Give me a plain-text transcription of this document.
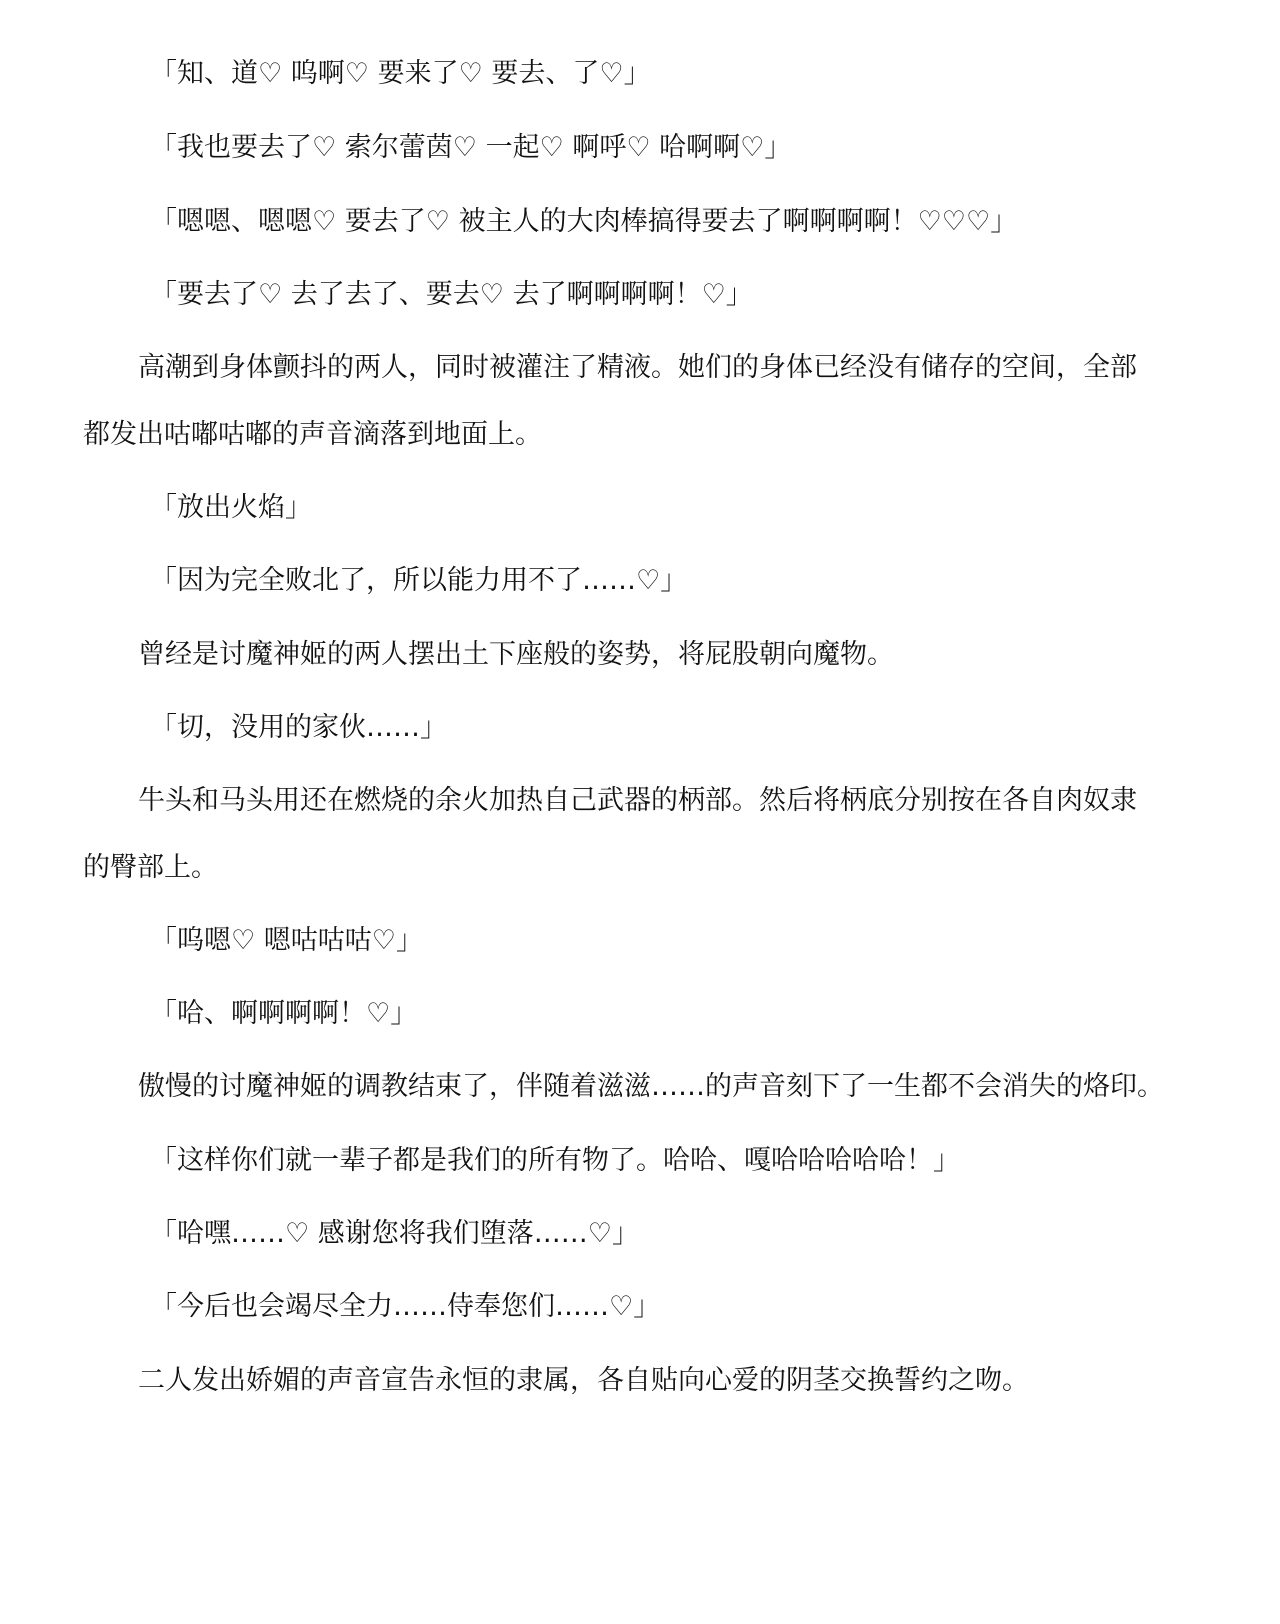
「知、道♡ 呜啊♡ 要来了♡ 要去、了♡」
「我也要去了♡ 索尔蕾茵♡ 一起♡ 啊呼♡ 哈啊啊♡」
「嗯嗯、嗯嗯♡ 要去了♡ 被主人的大肉棒搞得要去了啊啊啊啊！♡♡♡」
「要去了♡ 去了去了、要去♡ 去了啊啊啊啊！♡」
高潮到身体颤抖的两人，同时被灌注了精液。她们的身体已经没有储存的空间，全部
都发出咕嘟咕嘟的声音滴落到地面上。
「放出火焰」
「因为完全败北了，所以能力用不了……♡」
曾经是讨魔神姬的两人摆出土下座般的姿势，将屁股朝向魔物。
「切，没用的家伙……」
牛头和马头用还在燃烧的余火加热自己武器的柄部。然后将柄底分别按在各自肉奴隶
的臀部上。
「呜嗯♡ 嗯咕咕咕♡」
「哈、啊啊啊啊！♡」
傲慢的讨魔神姬的调教结束了，伴随着滋滋……的声音刻下了一生都不会消失的烙印。
「这样你们就一辈子都是我们的所有物了。哈哈、嘎哈哈哈哈哈！」
「哈嘿……♡ 感谢您将我们堕落……♡」
「今后也会竭尽全力……侍奉您们……♡」
二人发出娇媚的声音宣告永恒的隶属，各自贴向心爱的阴茎交换誓约之吻。
